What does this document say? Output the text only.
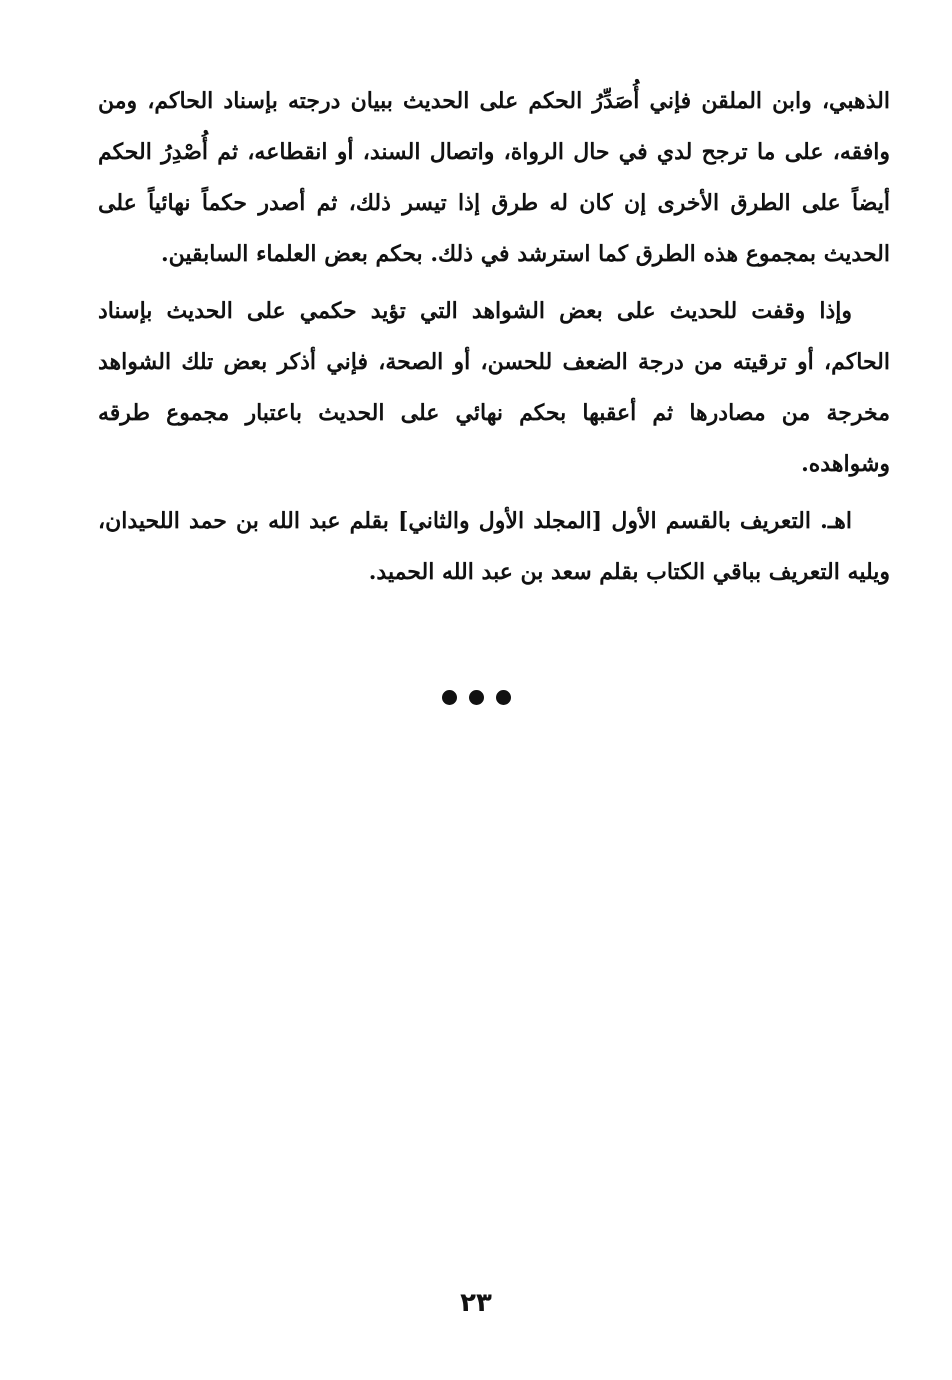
الذهبي، وابن الملقن فإني أُصَدِّرُ الحكم على الحديث ببيان درجته بإسناد الحاكم، ومن وافقه، على ما ترجح لدي في حال الرواة، واتصال السند، أو انقطاعه، ثم أُصْدِرُ الحكم أيضاً على الطرق الأخرى إن كان له طرق إذا تيسر ذلك، ثم أصدر حكماً نهائياً على الحديث بمجموع هذه الطرق كما استرشد في ذلك. بحكم بعض العلماء السابقين.

وإذا وقفت للحديث على بعض الشواهد التي تؤيد حكمي على الحديث بإسناد الحاكم، أو ترقيته من درجة الضعف للحسن، أو الصحة، فإني أذكر بعض تلك الشواهد مخرجة من مصادرها ثم أعقبها بحكم نهائي على الحديث باعتبار مجموع طرقه وشواهده.

اهـ. التعريف بالقسم الأول [المجلد الأول والثاني] بقلم عبد الله بن حمد اللحيدان، ويليه التعريف بباقي الكتاب بقلم سعد بن عبد الله الحميد.

٢٣
